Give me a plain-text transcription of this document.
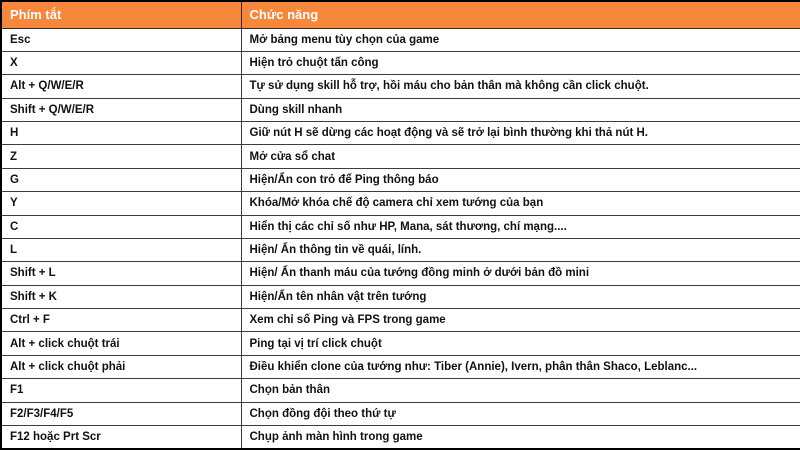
Phím tắt	Chức năng
Esc	Mở bảng menu tùy chọn của game
X	Hiện trỏ chuột tấn công
Alt + Q/W/E/R	Tự sử dụng skill hỗ trợ, hồi máu cho bản thân mà không cần click chuột.
Shift + Q/W/E/R	Dùng skill nhanh
H	Giữ nút H sẽ dừng các hoạt động và sẽ trở lại bình thường khi thả nút H.
Z	Mở cửa sổ chat
G	Hiện/Ẩn con trỏ để Ping thông báo
Y	Khóa/Mở khóa chế độ camera chỉ xem tướng của bạn
C	Hiển thị các chỉ số như HP, Mana, sát thương, chí mạng....
L	Hiện/ Ẩn thông tin về quái, lính.
Shift + L	Hiện/ Ẩn thanh máu của tướng đồng minh ở dưới bản đồ mini
Shift + K	Hiện/Ẩn tên nhân vật trên tướng
Ctrl + F	Xem chỉ số Ping và FPS trong game
Alt + click chuột trái	Ping tại vị trí click chuột
Alt + click chuột phải	Điều khiển clone của tướng như: Tiber (Annie), Ivern, phân thân Shaco, Leblanc...
F1	Chọn bản thân
F2/F3/F4/F5	Chọn đồng đội theo thứ tự
F12 hoặc Prt Scr	Chụp ảnh màn hình trong game
